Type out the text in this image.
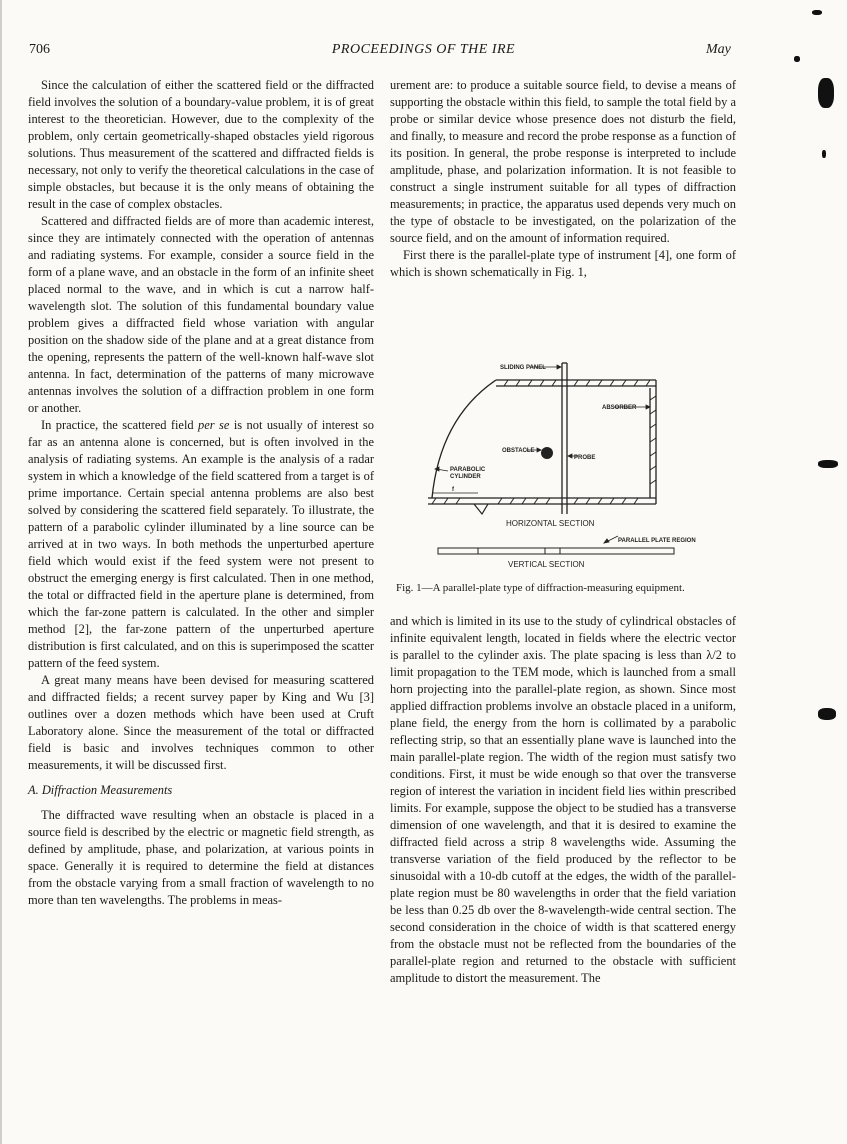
706	PROCEEDINGS OF THE IRE	May

Since the calculation of either the scattered field or the diffracted field involves the solution of a boundary-value problem, it is of great interest to the theoretician. However, due to the complexity of the problem, only certain geometrically-shaped obstacles yield rigorous solutions. Thus measurement of the scattered and diffracted fields is necessary, not only to verify the theoretical calculations in the case of simple obstacles, but because it is the only means of obtaining the result in the case of complex obstacles.

Scattered and diffracted fields are of more than academic interest, since they are intimately connected with the operation of antennas and radiating systems. For example, consider a source field in the form of a plane wave, and an obstacle in the form of an infinite sheet placed normal to the wave, and in which is cut a narrow half-wavelength slot. The solution of this fundamental boundary value problem gives a diffracted field whose variation with angular position on the shadow side of the plane and at a great distance from the opening, represents the pattern of the well-known half-wave slot antenna. In fact, determination of the patterns of many microwave antennas involves the solution of a diffraction problem in one form or another.

In practice, the scattered field per se is not usually of interest so far as an antenna alone is concerned, but is often involved in the analysis of radiating systems. An example is the analysis of a radar system in which a knowledge of the field scattered from a target is of prime importance. Certain special antenna problems are also best solved by considering the scattered field separately. To illustrate, the pattern of a parabolic cylinder illuminated by a line source can be arrived at in two ways. In both methods the unperturbed aperture field which would exist if the feed system were not present to obstruct the emerging energy is first calculated. Then in one method, the total or diffracted field in the aperture plane is determined, from which the far-zone pattern is calculated. In the other and simpler method [2], the far-zone pattern of the unperturbed aperture distribution is first calculated, and on this is superimposed the scatter pattern of the feed system.

A great many means have been devised for measuring scattered and diffracted fields; a recent survey paper by King and Wu [3] outlines over a dozen methods which have been used at Cruft Laboratory alone. Since the measurement of the total or diffracted field is basic and involves techniques common to other measurements, it will be discussed first.

A. Diffraction Measurements

The diffracted wave resulting when an obstacle is placed in a source field is described by the electric or magnetic field strength, as defined by amplitude, phase, and polarization, at various points in space. Generally it is required to determine the field at distances from the obstacle varying from a small fraction of wavelength to no more than ten wavelengths. The problems in meas-

urement are: to produce a suitable source field, to devise a means of supporting the obstacle within this field, to sample the total field by a probe or similar device whose presence does not disturb the field, and finally, to measure and record the probe response as a function of its position. In general, the probe response is interpreted to include amplitude, phase, and polarization information. It is not feasible to construct a single instrument suitable for all types of diffraction measurements; in practice, the apparatus used depends very much on the type of obstacle to be investigated, on the polarization of the source field, and on the amount of information required.

First there is the parallel-plate type of instrument [4], one form of which is shown schematically in Fig. 1,

SLIDING PANEL
ABSORBER
OBSTACLE
PROBE
PARABOLIC
CYLINDER
f
HORIZONTAL SECTION
PARALLEL PLATE REGION
VERTICAL SECTION
Fig. 1—A parallel-plate type of diffraction-measuring equipment.

and which is limited in its use to the study of cylindrical obstacles of infinite equivalent length, located in fields where the electric vector is parallel to the cylinder axis. The plate spacing is less than λ/2 to limit propagation to the TEM mode, which is launched from a small horn projecting into the parallel-plate region, as shown. Since most applied diffraction problems involve an obstacle placed in a uniform, plane field, the energy from the horn is collimated by a parabolic reflecting strip, so that an essentially plane wave is launched into the main parallel-plate region. The width of the region must satisfy two conditions. First, it must be wide enough so that over the transverse region of interest the variation in incident field lies within prescribed limits. For example, suppose the object to be studied has a transverse dimension of one wavelength, and that it is desired to examine the diffracted field across a strip 8 wavelengths wide. Assuming the transverse variation of the field produced by the reflector to be sinusoidal with a 10-db cutoff at the edges, the width of the parallel-plate region must be 80 wavelengths in order that the field variation be less than 0.25 db over the 8-wavelength-wide central section. The second consideration in the choice of width is that scattered energy from the obstacle must not be reflected from the boundaries of the parallel-plate region and returned to the obstacle with sufficient amplitude to distort the measurement. The
